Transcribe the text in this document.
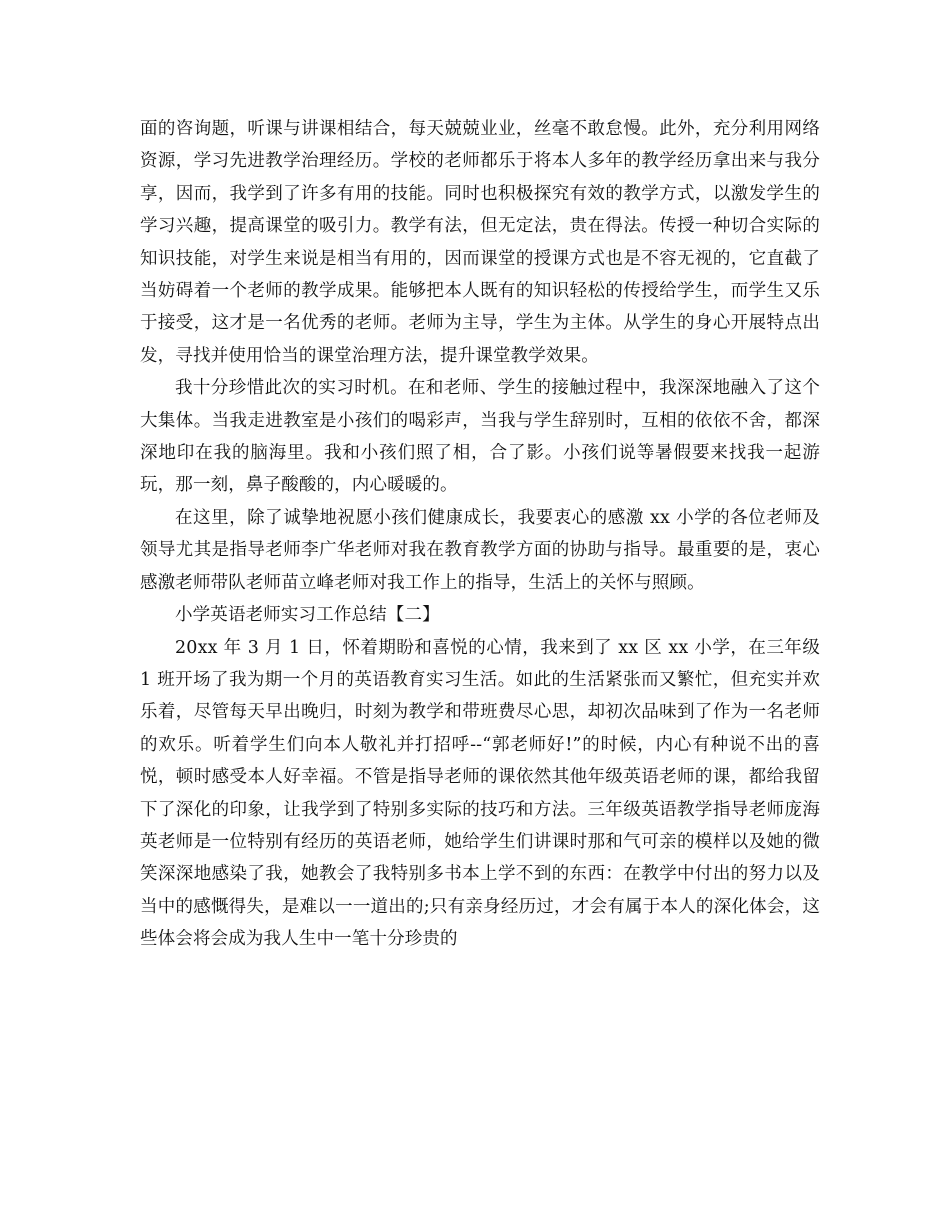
面的咨询题，听课与讲课相结合，每天兢兢业业，丝毫不敢怠慢。此外，充分利用网络资源，学习先进教学治理经历。学校的老师都乐于将本人多年的教学经历拿出来与我分享，因而，我学到了许多有用的技能。同时也积极探究有效的教学方式，以激发学生的学习兴趣，提高课堂的吸引力。教学有法，但无定法，贵在得法。传授一种切合实际的知识技能，对学生来说是相当有用的，因而课堂的授课方式也是不容无视的，它直截了当妨碍着一个老师的教学成果。能够把本人既有的知识轻松的传授给学生，而学生又乐于接受，这才是一名优秀的老师。老师为主导，学生为主体。从学生的身心开展特点出发，寻找并使用恰当的课堂治理方法，提升课堂教学效果。

我十分珍惜此次的实习时机。在和老师、学生的接触过程中，我深深地融入了这个大集体。当我走进教室是小孩们的喝彩声，当我与学生辞别时，互相的依依不舍，都深深地印在我的脑海里。我和小孩们照了相，合了影。小孩们说等暑假要来找我一起游玩，那一刻，鼻子酸酸的，内心暖暖的。

在这里，除了诚挚地祝愿小孩们健康成长，我要衷心的感激 xx 小学的各位老师及领导尤其是指导老师李广华老师对我在教育教学方面的协助与指导。最重要的是，衷心感激老师带队老师苗立峰老师对我工作上的指导，生活上的关怀与照顾。

小学英语老师实习工作总结【二】

20xx 年 3 月 1 日，怀着期盼和喜悦的心情，我来到了 xx 区 xx 小学，在三年级 1 班开场了我为期一个月的英语教育实习生活。如此的生活紧张而又繁忙，但充实并欢乐着，尽管每天早出晚归，时刻为教学和带班费尽心思，却初次品味到了作为一名老师的欢乐。听着学生们向本人敬礼并打招呼--“郭老师好!”的时候，内心有种说不出的喜悦，顿时感受本人好幸福。不管是指导老师的课依然其他年级英语老师的课，都给我留下了深化的印象，让我学到了特别多实际的技巧和方法。三年级英语教学指导老师庞海英老师是一位特别有经历的英语老师，她给学生们讲课时那和气可亲的模样以及她的微笑深深地感染了我，她教会了我特别多书本上学不到的东西：在教学中付出的努力以及当中的感慨得失，是难以一一道出的;只有亲身经历过，才会有属于本人的深化体会，这些体会将会成为我人生中一笔十分珍贵的
